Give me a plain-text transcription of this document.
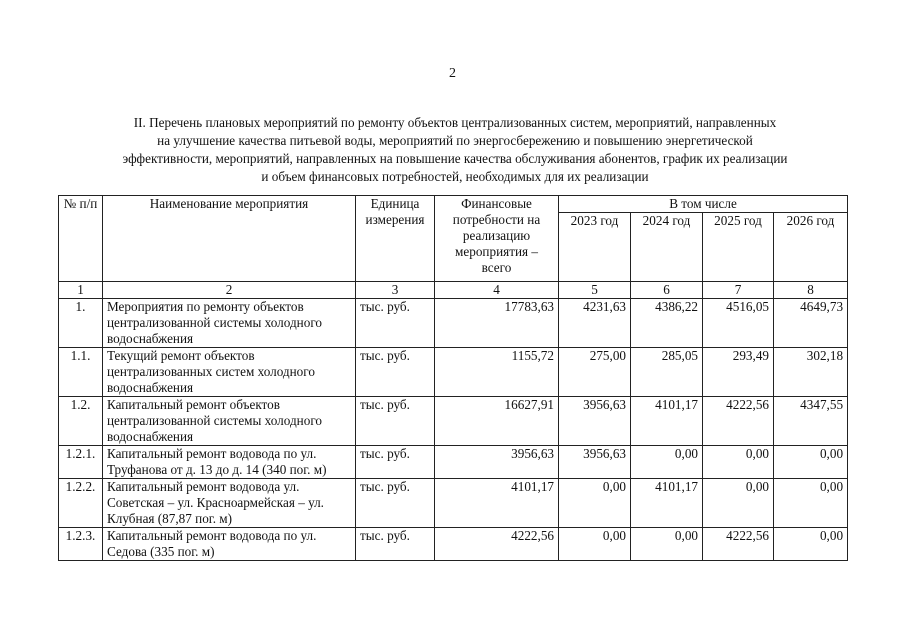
2
II. Перечень плановых мероприятий по ремонту объектов централизованных систем, мероприятий, направленных
на улучшение качества питьевой воды, мероприятий по энергосбережению и повышению энергетической
эффективности, мероприятий, направленных на повышение качества обслуживания абонентов, график их реализации
и объем финансовых потребностей, необходимых для их реализации
№ п/п	Наименование мероприятия	Единица измерения	Финансовые потребности на реализацию мероприятия – всего	В том числе			
				2023 год	2024 год	2025 год	2026 год
1	2	3	4	5	6	7	8
1.	Мероприятия по ремонту объектов централизованной системы холодного водоснабжения	тыс. руб.	17783,63	4231,63	4386,22	4516,05	4649,73
1.1.	Текущий ремонт объектов централизованных систем холодного водоснабжения	тыс. руб.	1155,72	275,00	285,05	293,49	302,18
1.2.	Капитальный ремонт объектов централизованной системы холодного водоснабжения	тыс. руб.	16627,91	3956,63	4101,17	4222,56	4347,55
1.2.1.	Капитальный ремонт водовода по ул. Труфанова от д. 13 до д. 14 (340 пог. м)	тыс. руб.	3956,63	3956,63	0,00	0,00	0,00
1.2.2.	Капитальный ремонт водовода ул. Советская – ул. Красноармейская – ул. Клубная (87,87 пог. м)	тыс. руб.	4101,17	0,00	4101,17	0,00	0,00
1.2.3.	Капитальный ремонт водовода по ул. Седова (335 пог. м)	тыс. руб.	4222,56	0,00	0,00	4222,56	0,00
